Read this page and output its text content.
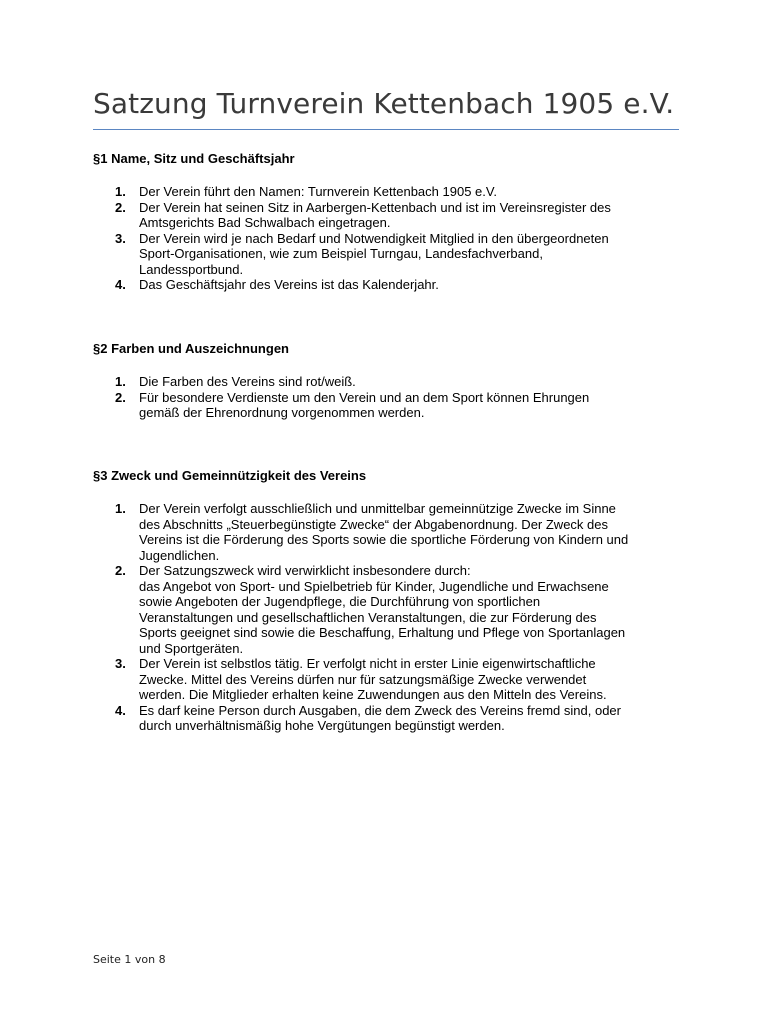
Satzung Turnverein Kettenbach 1905 e.V.
§1 Name, Sitz und Geschäftsjahr
1. Der Verein führt den Namen: Turnverein Kettenbach 1905 e.V.
2. Der Verein hat seinen Sitz in Aarbergen-Kettenbach und ist im Vereinsregister des
Amtsgerichts Bad Schwalbach eingetragen.
3. Der Verein wird je nach Bedarf und Notwendigkeit Mitglied in den übergeordneten
Sport-Organisationen, wie zum Beispiel Turngau, Landesfachverband,
Landessportbund.
4. Das Geschäftsjahr des Vereins ist das Kalenderjahr.
§2 Farben und Auszeichnungen
1. Die Farben des Vereins sind rot/weiß.
2. Für besondere Verdienste um den Verein und an dem Sport können Ehrungen
gemäß der Ehrenordnung vorgenommen werden.
§3 Zweck und Gemeinnützigkeit des Vereins
1. Der Verein verfolgt ausschließlich und unmittelbar gemeinnützige Zwecke im Sinne
des Abschnitts „Steuerbegünstigte Zwecke“ der Abgabenordnung. Der Zweck des
Vereins ist die Förderung des Sports sowie die sportliche Förderung von Kindern und
Jugendlichen.
2. Der Satzungszweck wird verwirklicht insbesondere durch:
das Angebot von Sport- und Spielbetrieb für Kinder, Jugendliche und Erwachsene
sowie Angeboten der Jugendpflege, die Durchführung von sportlichen
Veranstaltungen und gesellschaftlichen Veranstaltungen, die zur Förderung des
Sports geeignet sind sowie die Beschaffung, Erhaltung und Pflege von Sportanlagen
und Sportgeräten.
3. Der Verein ist selbstlos tätig. Er verfolgt nicht in erster Linie eigenwirtschaftliche
Zwecke. Mittel des Vereins dürfen nur für satzungsmäßige Zwecke verwendet
werden. Die Mitglieder erhalten keine Zuwendungen aus den Mitteln des Vereins.
4. Es darf keine Person durch Ausgaben, die dem Zweck des Vereins fremd sind, oder
durch unverhältnismäßig hohe Vergütungen begünstigt werden.
Seite 1 von 8
